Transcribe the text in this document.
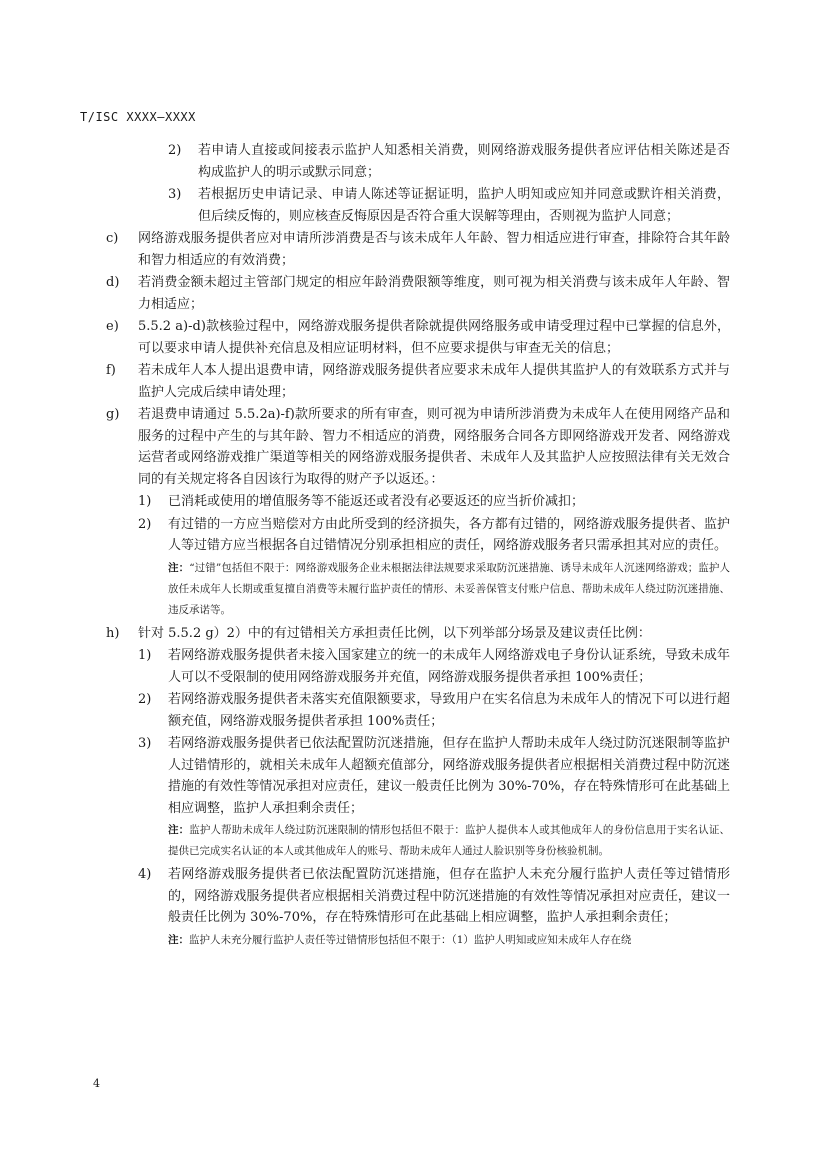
T/ISC XXXX—XXXX
2) 若申请人直接或间接表示监护人知悉相关消费，则网络游戏服务提供者应评估相关陈述是否构成监护人的明示或默示同意；
3) 若根据历史申请记录、申请人陈述等证据证明，监护人明知或应知并同意或默许相关消费，但后续反悔的，则应核查反悔原因是否符合重大误解等理由，否则视为监护人同意；
c) 网络游戏服务提供者应对申请所涉消费是否与该未成年人年龄、智力相适应进行审查，排除符合其年龄和智力相适应的有效消费；
d) 若消费金额未超过主管部门规定的相应年龄消费限额等维度，则可视为相关消费与该未成年人年龄、智力相适应；
e) 5.5.2 a)-d)款核验过程中，网络游戏服务提供者除就提供网络服务或申请受理过程中已掌握的信息外，可以要求申请人提供补充信息及相应证明材料，但不应要求提供与审查无关的信息；
f) 若未成年人本人提出退费申请，网络游戏服务提供者应要求未成年人提供其监护人的有效联系方式并与监护人完成后续申请处理；
g) 若退费申请通过 5.5.2a)-f)款所要求的所有审查，则可视为申请所涉消费为未成年人在使用网络产品和服务的过程中产生的与其年龄、智力不相适应的消费，网络服务合同各方即网络游戏开发者、网络游戏运营者或网络游戏推广渠道等相关的网络游戏服务提供者、未成年人及其监护人应按照法律有关无效合同的有关规定将各自因该行为取得的财产予以返还。：
1) 已消耗或使用的增值服务等不能返还或者没有必要返还的应当折价减扣；
2) 有过错的一方应当赔偿对方由此所受到的经济损失，各方都有过错的，网络游戏服务提供者、监护人等过错方应当根据各自过错情况分别承担相应的责任，网络游戏服务者只需承担其对应的责任。
注：“过错”包括但不限于：网络游戏服务企业未根据法律法规要求采取防沉迷措施、诱导未成年人沉迷网络游戏；监护人放任未成年人长期或重复擅自消费等未履行监护责任的情形、未妥善保管支付账户信息、帮助未成年人绕过防沉迷措施、违反承诺等。
h) 针对 5.5.2 g）2）中的有过错相关方承担责任比例，以下列举部分场景及建议责任比例：
1) 若网络游戏服务提供者未接入国家建立的统一的未成年人网络游戏电子身份认证系统，导致未成年人可以不受限制的使用网络游戏服务并充值，网络游戏服务提供者承担 100%责任；
2) 若网络游戏服务提供者未落实充值限额要求，导致用户在实名信息为未成年人的情况下可以进行超额充值，网络游戏服务提供者承担 100%责任；
3) 若网络游戏服务提供者已依法配置防沉迷措施，但存在监护人帮助未成年人绕过防沉迷限制等监护人过错情形的，就相关未成年人超额充值部分，网络游戏服务提供者应根据相关消费过程中防沉迷措施的有效性等情况承担对应责任，建议一般责任比例为 30%-70%，存在特殊情形可在此基础上相应调整，监护人承担剩余责任；
注：监护人帮助未成年人绕过防沉迷限制的情形包括但不限于：监护人提供本人或其他成年人的身份信息用于实名认证、提供已完成实名认证的本人或其他成年人的账号、帮助未成年人通过人脸识别等身份核验机制。
4) 若网络游戏服务提供者已依法配置防沉迷措施，但存在监护人未充分履行监护人责任等过错情形的，网络游戏服务提供者应根据相关消费过程中防沉迷措施的有效性等情况承担对应责任，建议一般责任比例为 30%-70%，存在特殊情形可在此基础上相应调整，监护人承担剩余责任；
注：监护人未充分履行监护人责任等过错情形包括但不限于：（1）监护人明知或应知未成年人存在绕
4
